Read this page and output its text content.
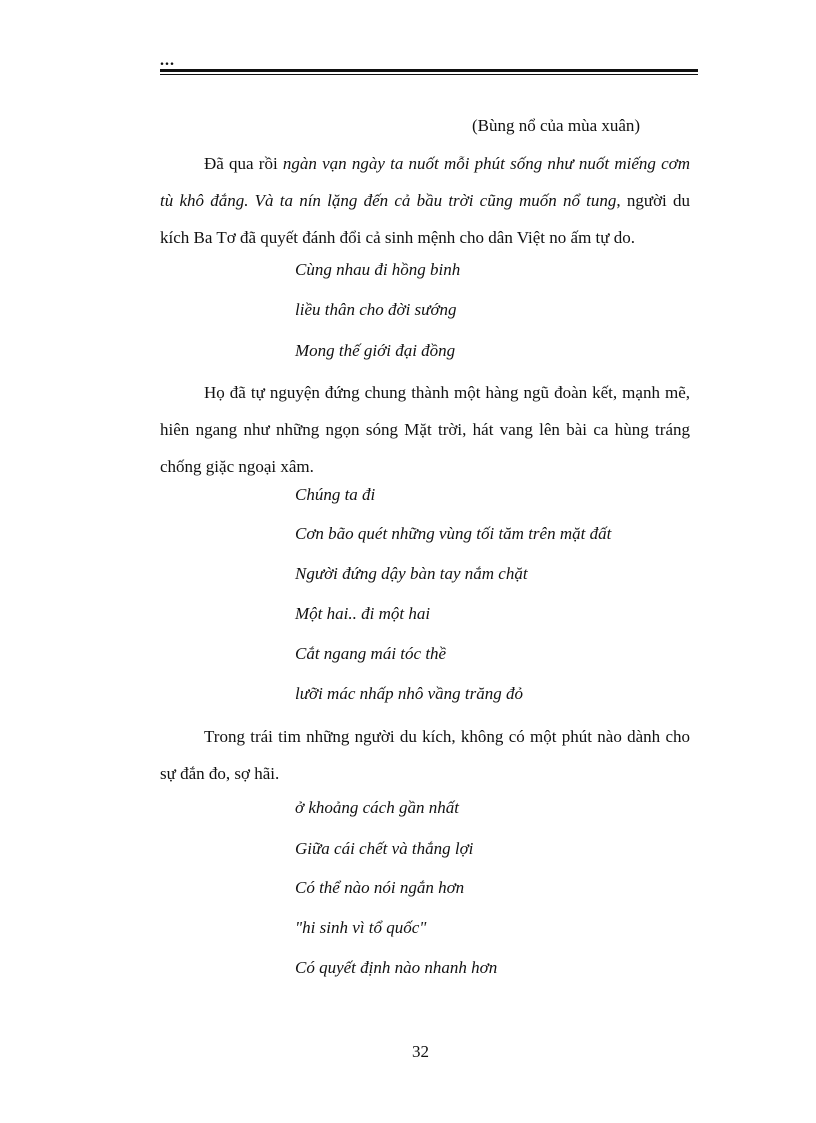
...
(Bùng nổ của mùa xuân)
Đã qua rồi ngàn vạn ngày ta nuốt mỗi phút sống như nuốt miếng cơm tù khô đắng. Và ta nín lặng đến cả bầu trời cũng muốn nổ tung, người du kích Ba Tơ đã quyết đánh đổi cả sinh mệnh cho dân Việt no ấm tự do.
Cùng nhau đi hồng binh
liều thân cho đời sướng
Mong thế giới đại đồng
Họ đã tự nguyện đứng chung thành một hàng ngũ đoàn kết, mạnh mẽ, hiên ngang như những ngọn sóng Mặt trời, hát vang lên bài ca hùng tráng chống giặc ngoại xâm.
Chúng ta đi
Cơn bão quét những vùng tối tăm trên mặt đất
Người đứng dậy bàn tay nắm chặt
Một hai.. đi một hai
Cắt ngang mái tóc thề
lưỡi mác nhấp nhô vầng trăng đỏ
Trong trái tim những người du kích, không có một phút nào dành cho sự đắn đo, sợ hãi.
ở khoảng cách gần nhất
Giữa cái chết và thắng lợi
Có thể nào nói ngắn hơn
"hi sinh vì tổ quốc"
Có quyết định nào nhanh hơn
32
